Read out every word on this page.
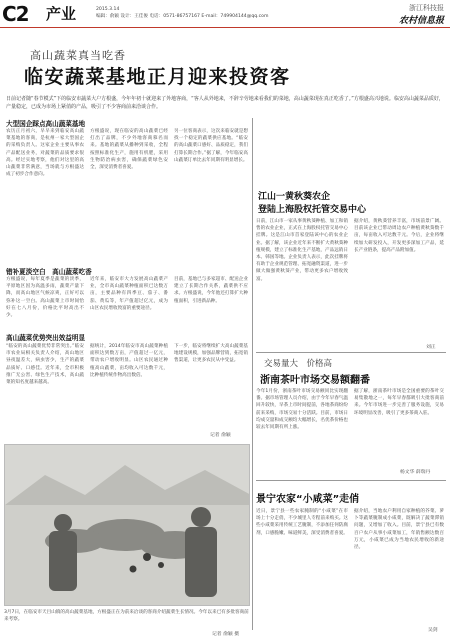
C2 产业	2015.3.14
编辑：俞颖 设计：王佳俊 电话：0571-86757167 E-mail：749904144@qq.com
浙江科技报
农村信息报
高山蔬菜真当吃香
临安蔬菜基地正月迎来投资客
日前记者随“春节模式”下的临安市蔬菜大户方根盛，今年年初十就迎来了外地客商，“客人从外地来，不辞辛劳地来看我们的菜地，高山蔬菜现在真正吃香了。”方根盛高兴地说。临安高山蔬菜品质好，产量稳定，已成为市场上紧俏的产品，吸引了不少客商前来洽谈合作。
大型国企踩点高山蔬菜基地
农历正月初六，早早来到临安高山蔬菜基地的客商，是杭州一家大型国企的采购负责人。这家企业主要从事农产品配送业务，对蔬菜的品质要求很高。经过实地考察，他们对这里的高山蔬菜非常满意，当场就与方根盛达成了初步合作意向。
方根盛说，现在临安的高山蔬菜已经打出了品牌，不少外地客商慕名而来。基地的蔬菜从播种到采收，全程按照标准化生产，施用有机肥，采用生物防治病虫害，确保蔬菜绿色安全，深受消费者喜爱。
另一位客商表示，这次来临安就是想找一个稳定的蔬菜供应基地。“临安的高山蔬菜口感好、品质稳定，我们打算长期合作。”据了解，今年临安高山蔬菜订单比去年同期有明显增长。
错补夏淡空白　高山蔬菜吃香
方根盛说，每年夏季是蔬菜的淡季，平原地区因为高温多雨，蔬菜产量下降，而高山地区气候凉爽，正好可以弥补这一空白。高山蔬菜上市时间恰好在七八月份，价格比平时高出不少。
近年来，临安市大力发展高山蔬菜产业，全市高山蔬菜种植面积已达数万亩，主要品种有四季豆、茄子、番茄、黄瓜等，年产值超过亿元，成为山区农民增收致富的重要途径。
目前，基地已与多家超市、配送企业建立了长期合作关系，蔬菜供不应求。方根盛说，今年他还打算扩大种植面积，引进新品种。
高山蔬菜优势突出效益明显
“临安的高山蔬菜优势非常突出。”临安市农业局相关负责人介绍，高山地区昼夜温差大，病虫害少，生产的蔬菜品质好、口感佳。近年来，全市积极推广无公害、绿色生产技术，高山蔬菜的知名度越来越高。
据统计，2014年临安市高山蔬菜种植面积达到数万亩，产值超过一亿元，带动农户增收明显。山区农民通过种植高山蔬菜，亩均收入可达数千元，比种植传统作物高出数倍。
下一步，临安将继续扩大高山蔬菜基地建设规模，加强品牌营销，拓宽销售渠道，让更多农民从中受益。
记者 俞颖
3月7日，在临安市天目山镇的高山蔬菜基地，方根盛正在为前来洽谈的客商介绍蔬菜生长情况。今年以来已有多批客商前来考察。
记者 俞颖 摄
江山一黄秋葵农企
登陆上海股权托管交易中心
日前，江山市一家从事黄秋葵种植、加工和销售的农业企业，正式在上海股权托管交易中心挂牌。这是江山市首家登陆该中心的农业企业。据了解，该企业近年来不断扩大黄秋葵种植规模，建立了标准化生产基地，产品远销日本、韩国等地。企业负责人表示，此次挂牌将有助于企业规范管理、拓宽融资渠道，进一步做大做强黄秋葵产业，带动更多农户增收致富。
据介绍，黄秋葵营养丰富，市场前景广阔。目前该企业已带动周边农户种植黄秋葵数千亩，每亩收入可达数千元。今后，企业将继续加大研发投入，开发更多深加工产品，延长产业链条，提高产品附加值。
刘正
交易量大　价格高
浙南茶叶市场交易额翻番
今年1月份，浙南茶叶市场交易额同比实现翻番。据市场管理人员介绍，由于今年早春气温回升较快，早茶上市时间提前，各地茶商纷纷前来采购，市场交易十分活跃。目前，市场日均成交量和成交额均大幅增长，名优茶价格也较去年同期有所上涨。
据了解，浙南茶叶市场是全国重要的茶叶交易集散地之一，每年早春都吸引大批客商前来。今年市场进一步完善了服务设施，交易环境明显改善，吸引了更多茶商入驻。
杨文华 薛瑞丹
景宁农家“小咸菜”走俏
近日，景宁县一些农家腌制的“小咸菜”在市场上十分走俏，不少城里人专程前来购买。这些小咸菜采用传统工艺腌制，不添加任何防腐剂，口感脆嫩、味道鲜美，深受消费者喜爱。
据介绍，当地农户利用自家种植的芥菜、萝卜等蔬菜腌制成小咸菜，既解决了蔬菜滞销问题，又增加了收入。目前，景宁县已有数百户农户从事小咸菜加工，年销售额达数百万元，小咸菜已成为当地农民增收的新途径。
吴剑
